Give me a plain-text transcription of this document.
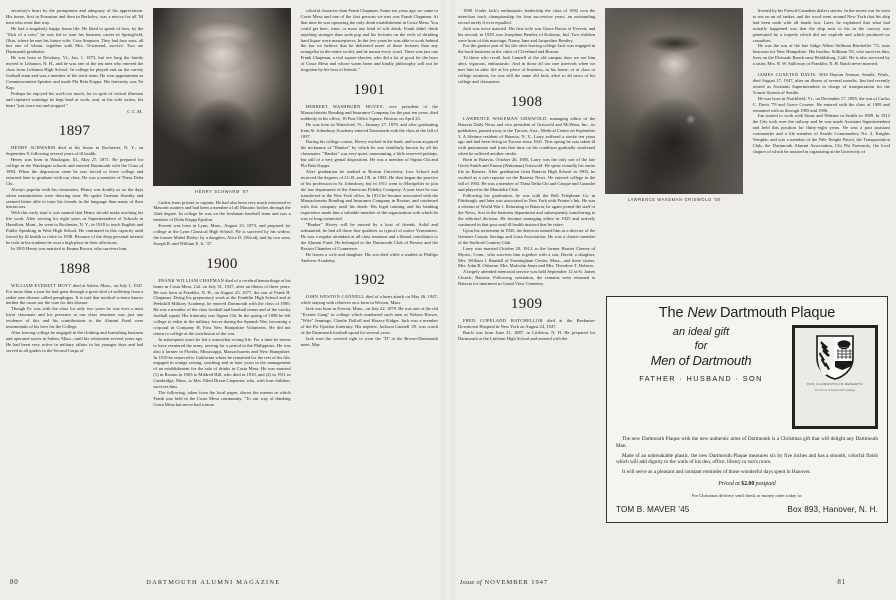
secretary's heart by the promptness and adequacy of his appreciation. His home, first in Evanston and then in Berkeley, was a mecca for all '94 men who went that way.

He had a singularly happy home life. He liked to speak of how, by the "flick of a coin," he was led to start his business career in Springfield, Ohio, where he met his future wife, Cora Simpson. They had four sons, all but one of whom, together with Mrs. Townsend, survive. Two are Dartmouth graduates.

He was born at Newbury, Vt., Jan. 1, 1873, but ere long the family moved to Lebanon, N. H., and he was one of the ten men who entered the class from Lebanon High School. In college he played end on the varsity football team and was a member of the track team. He won appointment as Commencement Speaker and made Phi Beta Kappa. His fraternity was Tri Kap.

Perhaps he enjoyed his work too much, for in spite of critical illnesses and repeated warnings he kept hard at work, and, as his wife writes, his heart "just wore out and stopped."

C.C.M.

1897

HENRY SCHWARM died at his home in Rochester, N. Y., on September 9, following several years of ill health.

Henry was born in Waukegan, Ill., May 27, 1871. He prepared for college in the Waukegan schools and entered Dartmouth with the Class of 1894. When the depression came he was forced to leave college and returned later to graduate with our class. He was a member of Theta Delta Chi.

Always popular with his classmates, Henry was doubly so on the days when examinations were drawing near. He spoke German fluently and seemed better able to tutor his friends in the language than many of their instructors.

With this early start it was natural that Henry should make teaching his life work. After serving for eight years as Superintendent of Schools in Hamilton, Mont., he went to Rochester, N. Y., in 1918 to teach English and Public Speaking in West High School. He continued in this capacity until forced by ill health to retire in 1938. Because of the deep personal interest he took in his students he won a high place in their affections.

In 1905 Henry was married to Emma Brown, who survives him.

1898

WILLIAM EVERETT HOYT died at Salem, Mass., on July 1, 1947. For more than a year he had gone through a great deal of suffering from a rather rare disease called pemphigus. It is said that medical science knows neither the cause nor the cure for this disease.

Though Ev was with the class for only two years he was ever a most loyal classmate and his presence at our class reunions was just one evidence of this and his contributions to the Alumni Fund were testimonials of his love for the College.

After leaving college he engaged in the clothing and furnishing business and operated stores in Salem, Mass., until his retirement several years ago. He had been very active in military affairs in his younger days and had served in all grades in the Second Corps of

HENRY SCHWARM '97

Cadets from private to captain. He had also been very much interested in Masonic matters and had been a member of all Masonic bodies through the 32nd degree. In college he was on the freshman baseball team and was a member of Delta Kappa Epsilon.

Everett was born in Lynn, Mass., August 23, 1873, and prepared for college at the Lynn Classical High School. He is survived by his widow, the former Mabel Bixby; by a daughter, Alice D. (Wood); and by two sons, Joseph B. and William E. Jr. '37.

1900

FRANK WILLIAM CHAPMAN died of a cerebral hemorrhage at his home in Costa Mesa, Cal. on July 31, 1947, after an illness of three years. He was born at Franklin, N. H., on August 25, 1877, the son of Frank H. Chapman. Doing his preparatory work at the Franklin High School and at Peekskill Military Academy, he entered Dartmouth with the class of 1900. He was a member of the class football and baseball teams and of the varsity football squad. His fraternity was Sigma Chi. In the spring of 1898 he left college to enlist in the military forces during the Spanish War, becoming a corporal in Company H, First New Hampshire Volunteers. He did not return to college at the conclusion of the war.

In subsequent years he led a somewhat roving life. For a time he seems to have reentered the army, serving for a period in the Philippines. He was also a farmer in Florida, Mississippi, Massachusetts and New Hampshire. In 1919 he removed to California where he remained for the rest of his life, engaged in orange raising, ranching and in later years in the management of an establishment for the sale of drinks in Costa Mesa. He was married (1) in Boston in 1903 to Mildred Hill, who died in 1910, and (2) in 1911 in Cambridge, Mass., to Mrs. Ethel Dixon Carpenter, who, with four children, survives him.

The following, taken from the local paper, shows the esteem in which Frank was held in the Costa Mesa community. "To our way of thinking Costa Mesa has never had a more

colorful character than Frank Chapman. Some ten years ago we came to Costa Mesa and one of the first persons we met was Frank Chapman. At that time he was operating the only drink establishment in Costa Mesa. You could get beer, wine, or most any kind of soft drink. Frank didn't drink anything stronger than soda pop and his lectures on the evils of drinking hard liquor were masterpieces. In the few years he was able to work behind the bar we believe that he delivered more of these lectures than any evangelist in the entire world, and he meant every word. There was just one Frank Chapman, a real square-shooter, who did a lot of good for the boys of Costa Mesa and whose warm heart and kindly philosophy will not be forgotten by his host of friends."

1901

HERBERT WASHBURN HOVEY, vice president of the Massachusetts Bonding and Insurance Company for the past ten years, died suddenly in his office, 10 Post Office Square, Boston, on April 23.

He was born in Waterford, Vt., January 27, 1879, and after graduating from St. Johnsbury Academy entered Dartmouth with the class in the fall of 1897.

During his college course, Hovey worked in the bank, and soon acquired the nickname of "Banker" by which he was familiarly known by all his classmates. "Banker" was very quiet, unassuming, a little reserved perhaps, but still of a very genial disposition. He was a member of Sigma Chi and Phi Beta Kappa.

After graduation he studied at Boston University Law School and received the degrees of LL.B. and J.B. in 1903. He then began the practice of his profession in St. Johnsbury, but in 1911 went to Montpelier to join the law department of the American Fidelity Company. A year later he was transferred to the New York office. In 1914 he became associated with the Massachusetts Bonding and Insurance Company in Boston, and continued with this company until his death. His legal training and his banking experience made him a valuable member of the organization with which he was so long connected.

"Banker" Hovey will be missed by a host of friends. Solid and substantial, he had all those fine qualities so typical of native Vermonters. He was a regular attendant at all class reunions and a liberal contributor to the Alumni Fund. He belonged to the Dartmouth Club of Boston and the Boston Chamber of Commerce.

He leaves a wife and daughter. His son died while a student at Phillips Andover Academy.

1902

JOHN WESTON CANNELL died of a heart attack on May 26, 1947, while staying with relatives on a farm in Weston, Mass.

Jack was born in Everett, Mass., on July 22, 1879. He was one of the old "Everett Gang" in college which numbered such men as Nelson Brown, "Wife" Jennings, Charlie Dolloff and Horace Kidger. Jack was a member of the Psi Upsilon fraternity. His nephew, Jackson Cannell '29, was coach of the Dartmouth football squad for several years.

Jack won the coveted right to wear the "D" at the Brown-Dartmouth meet, May

80	DARTMOUTH ALUMNI MAGAZINE

1900. Under Jack's enthusiastic leadership the class of 1902 won the interclass track championship for four successive years, an outstanding record rarely if ever equalled.

Jack was twice married. His first wife was Grace Bacon of Everett; and his second, in 1929, was Josephine Bentley of Kokomo, Ind. Two children were born of this marriage, Nancy Jane and Jacqueline Bentley.

For the greater part of his life after leaving college Jack was engaged in the book business in the cities of Cleveland and Boston.

To those who recall Jack Cannell of the old campus days we see him alert, vigorous, enthusiastic. And in those all too rare intervals when we met him in after life at his place of business, in his home, or at class or college reunions, he was still the same old Jack, alive to all news of his college and classmates.

1908

LAWRENCE WAKEMAN GRISWOLD, managing editor of the Batavia Daily News and vice president of Griswold and McWain, Inc., its publishers, passed away at the Tucson, Ariz., Medical Center on September 3. A lifetime resident of Batavia, N. Y., Larry suffered a stroke ten years ago and had been living in Tucson since 1941. This spring he was taken ill with pneumonia and from that time on his condition gradually weakened when he suffered another stroke.

Born in Batavia, October 26, 1885, Larry was the only son of the late Gerrit Smith and Emma (Wakeman) Griswold. He spent virtually his entire life in Batavia. After graduation from Batavia High School in 1903, he worked as a cub reporter on the Batavia News. He entered college in the fall of 1904. He was a member of Theta Delta Chi and Casque and Gauntlet and played in the Mandolin Club.

Following his graduation, he was with the Bell Telephone Co. in Pittsburgh, and later was associated in New York with Printer's Ink. He was a veteran of World War I. Returning to Batavia, he again joined the staff of the News, first in the business department and subsequently transferring to the editorial division. He became managing editor in 1925 and actively continued in that post until ill health insisted that he retire.

Upon his retirement in 1945, the directors named him as a director of the Genesee County Savings and Loan Association. He was a charter member of the Stafford Country Club.

Larry was married October 29, 1912, to the former Harriet Cheney of Mystic, Conn., who survives him together with a son, David, a daughter, Mrs. William I. Randall of Framingham Center, Mass., and three sisters, Mrs. John R. Osborne, Mrs. Malcolm Jones and Mrs. Theodore T. Hobson.

A largely attended memorial service was held September 12 at St. James Church, Batavia. Following cremation, the remains were returned to Batavia for interment in Grand View Cemetery.

1909

FRED COPELAND BATCHELLOR died at the Beekman-Downtown Hospital in New York on August 24, 1947.

Batch was born June 21, 1887, in Littleton, N. H. He prepared for Dartmouth at the Littleton High School and entered with the

LAWRENCE WAKEMAN GRISWOLD '08

livened by his French-Canadian dialect stories. In the recent war he went to sea on an oil tanker, and the word went around New York that his ship had been sunk with all hands lost. Later, he explained that what had actually happened was that the ship next to his in the convoy was penetrated by a torpedo which did not explode and which produced no casualties.

He was the son of the late Judge Albert Stillman Batchellor '72, state historian for New Hampshire. His brother, Stillman '05, who survives him, lives on the Elcinado Ranch near Healdsburg, Calif. He is also survived by a sister, Mrs. R. W. Sulloway of Franklin, N. H. Batch never married.

JAMES COXETER DAVIS, 3016 Dayton Avenue, Seattle, Wash., died August 17, 1947, after an illness of several months. Jim had recently retired as Assistant Superintendent in charge of transportation for the Transit System of Seattle.

He was born in Northfield, Vt., on December 17, 1885, the son of Carlos C. Davis '79 and Grace Coxeter. He entered with the class of 1909 and remained with us through 1905 and 1906.

Jim started to work with Stone and Webster in Seattle in 1909. In 1912 the City took over the railway and he was made Assistant Superintendent and held this position for thirty-eight years. He was a past assistant commander and a life member of Seattle Commandery No. 2, Knights Templar, and was a member of the Nile Temple Patrol, the Transportation Club, the Dartmouth Alumni Association, Chi Phi Fraternity, the local chapter of which he assisted in organizing at the University of

The New Dartmouth Plaque
an ideal gift
for
Men of Dartmouth
FATHER · HUSBAND · SON
VOX CLAMANTIS IN DESERTO
The Arms of Dartmouth College

The new Dartmouth Plaque with the new authentic arms of Dartmouth is a Christmas gift that will delight any Dartmouth Man.

Made of an unbreakable plastic, the new Dartmouth Plaque measures six by five inches and has a smooth, colorful finish which will add dignity to the walls of his den, office, library or son's room.

It will serve as a pleasant and constant reminder of those wonderful days spent in Hanover.

Priced at $2.00 postpaid
For Christmas delivery send check or money order today to:
TOM B. MAVER '45	Box 893, Hanover, N. H.
Issue of NOVEMBER 1947	81
